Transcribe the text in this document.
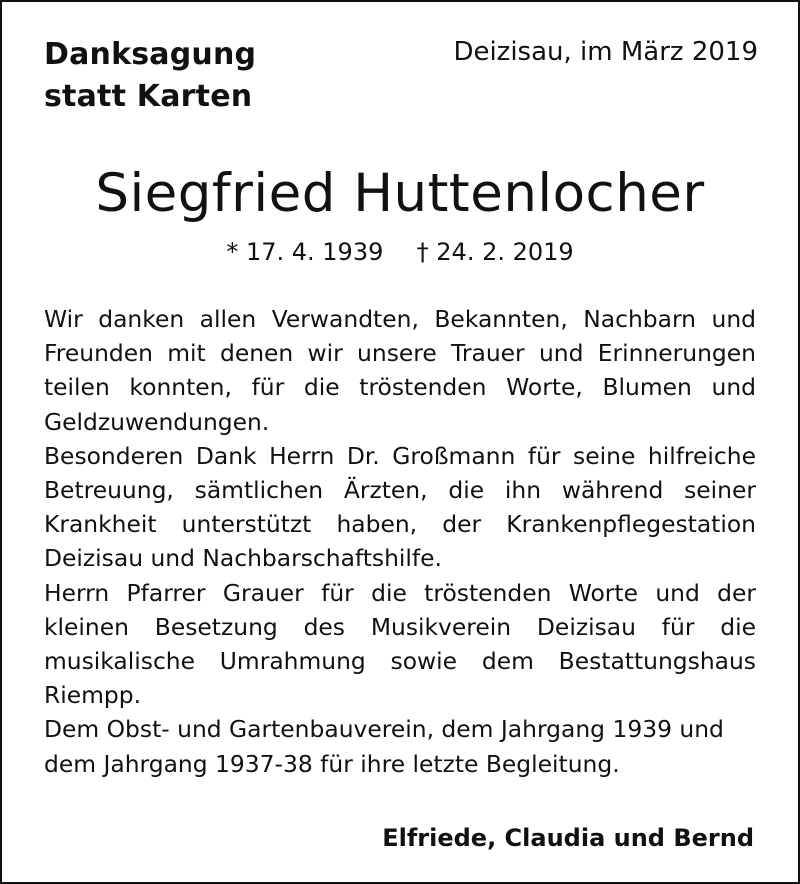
Danksagung
statt Karten
Deizisau, im März 2019
Siegfried Huttenlocher
* 17. 4. 1939 † 24. 2. 2019

Wir danken allen Verwandten, Bekannten, Nachbarn und Freunden mit denen wir unsere Trauer und Erinnerungen teilen konnten, für die tröstenden Worte, Blumen und Geldzuwendungen.

Besonderen Dank Herrn Dr. Großmann für seine hilfreiche Betreuung, sämtlichen Ärzten, die ihn während seiner Krankheit unterstützt haben, der Krankenpflegestation Deizisau und Nachbarschaftshilfe.

Herrn Pfarrer Grauer für die tröstenden Worte und der kleinen Besetzung des Musikverein Deizisau für die musikalische Umrahmung sowie dem Bestattungshaus Riempp.

Dem Obst- und Gartenbauverein, dem Jahrgang 1939 und dem Jahrgang 1937-38 für ihre letzte Begleitung.

Elfriede, Claudia und Bernd
